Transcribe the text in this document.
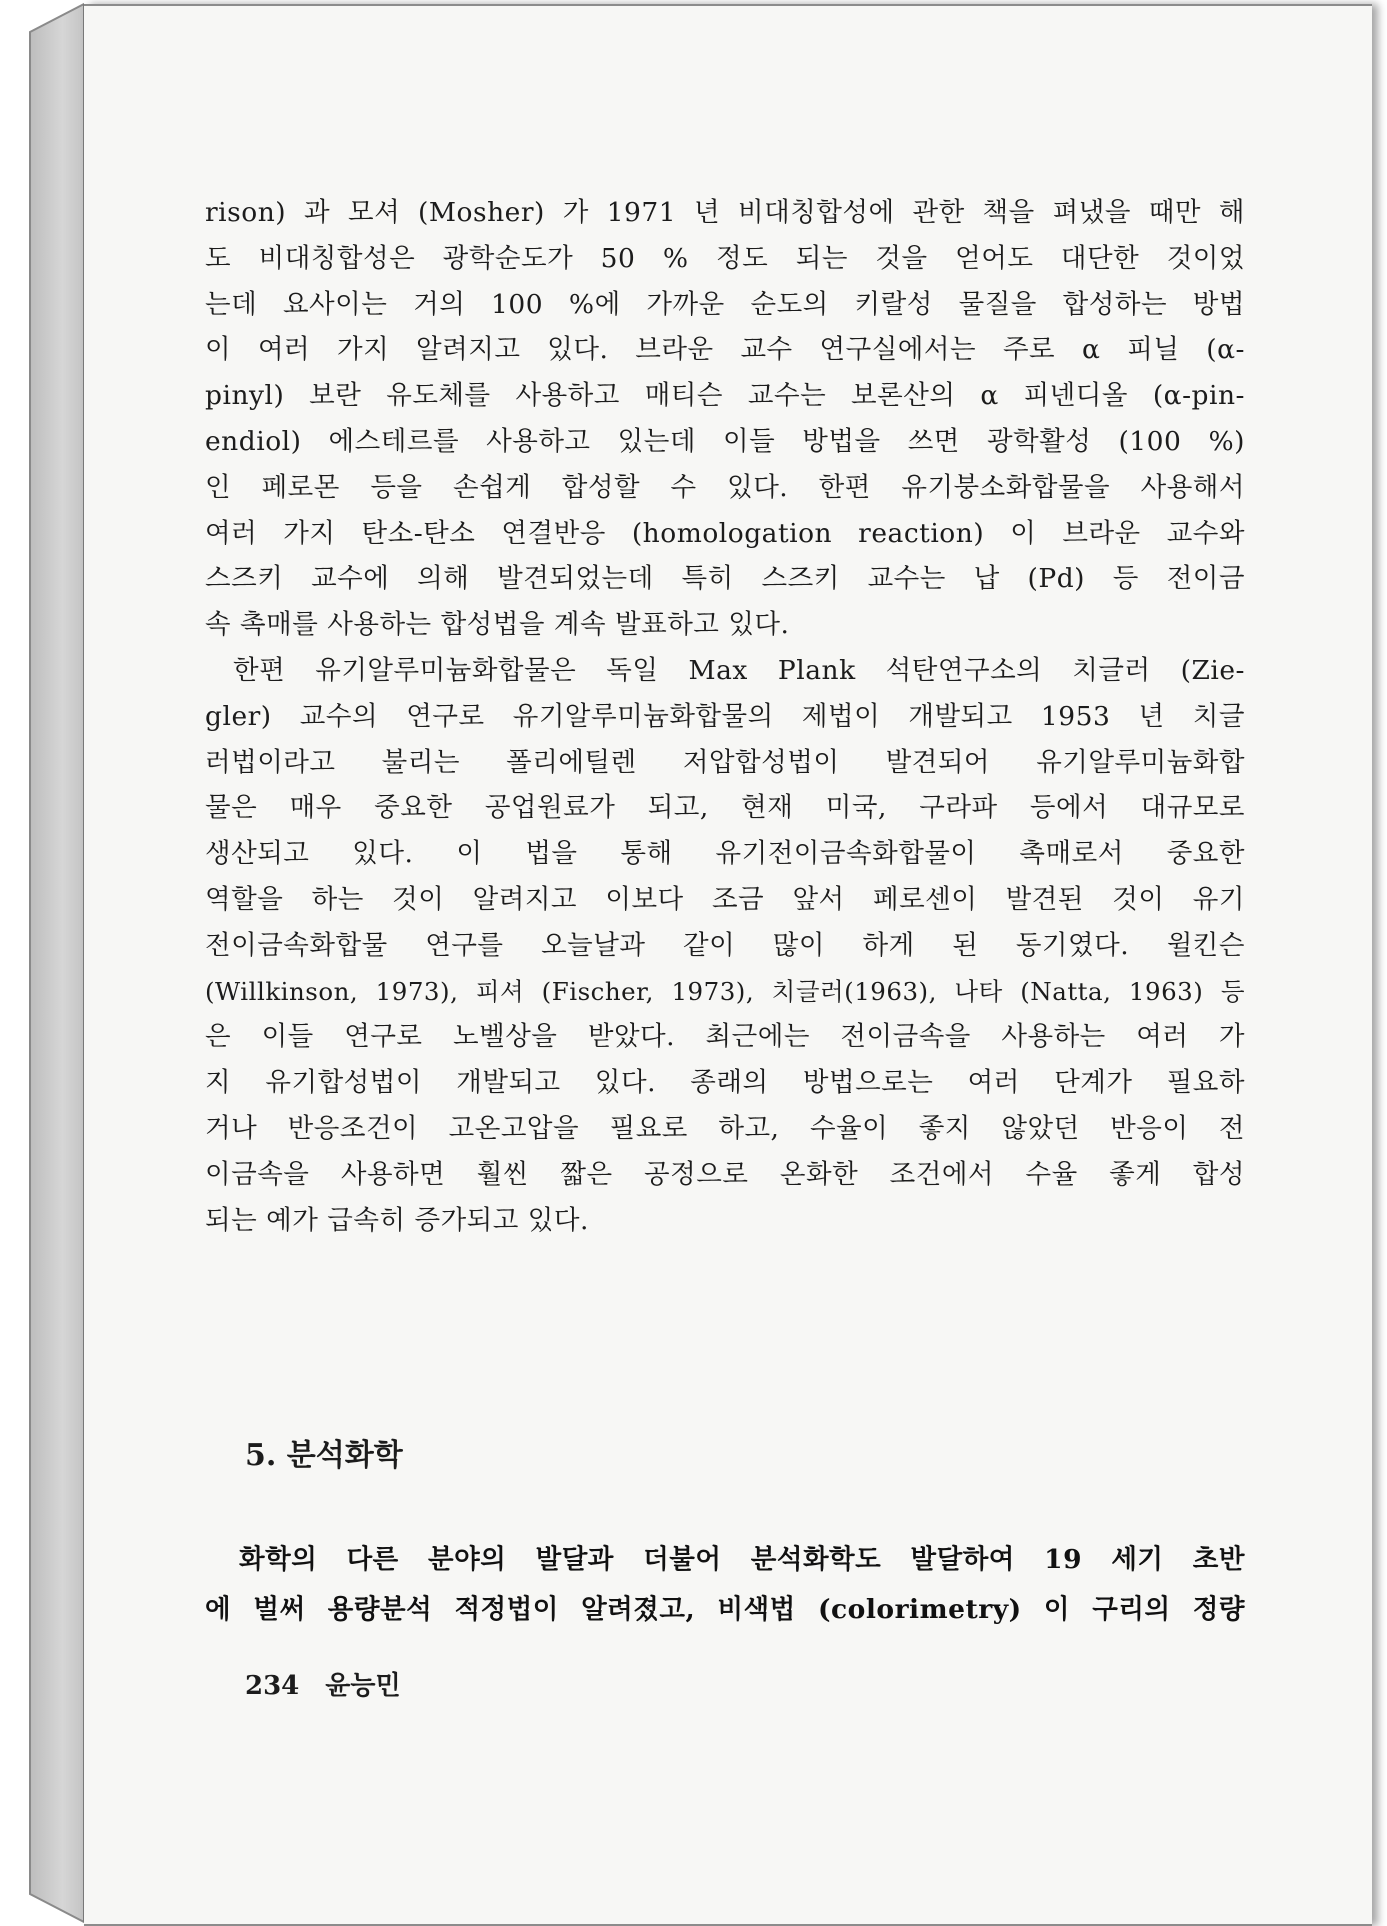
rison) 과 모셔 (Mosher) 가 1971 년 비대칭합성에 관한 책을 펴냈을 때만 해
도 비대칭합성은 광학순도가 50 % 정도 되는 것을 얻어도 대단한 것이었
는데 요사이는 거의 100 %에 가까운 순도의 키랄성 물질을 합성하는 방법
이 여러 가지 알려지고 있다. 브라운 교수 연구실에서는 주로 α 피닐 (α-
pinyl) 보란 유도체를 사용하고 매티슨 교수는 보론산의 α 피넨디올 (α-pin-
endiol) 에스테르를 사용하고 있는데 이들 방법을 쓰면 광학활성 (100 %)
인 페로몬 등을 손쉽게 합성할 수 있다. 한편 유기붕소화합물을 사용해서
여러 가지 탄소-탄소 연결반응 (homologation reaction) 이 브라운 교수와
스즈키 교수에 의해 발견되었는데 특히 스즈키 교수는 납 (Pd) 등 전이금
속 촉매를 사용하는 합성법을 계속 발표하고 있다.
한편 유기알루미늄화합물은 독일 Max Plank 석탄연구소의 치글러 (Zie-
gler) 교수의 연구로 유기알루미늄화합물의 제법이 개발되고 1953 년 치글
러법이라고 불리는 폴리에틸렌 저압합성법이 발견되어 유기알루미늄화합
물은 매우 중요한 공업원료가 되고, 현재 미국, 구라파 등에서 대규모로
생산되고 있다. 이 법을 통해 유기전이금속화합물이 촉매로서 중요한
역할을 하는 것이 알려지고 이보다 조금 앞서 페로센이 발견된 것이 유기
전이금속화합물 연구를 오늘날과 같이 많이 하게 된 동기였다. 윌킨슨
(Willkinson, 1973), 피셔 (Fischer, 1973), 치글러(1963), 나타 (Natta, 1963) 등
은 이들 연구로 노벨상을 받았다. 최근에는 전이금속을 사용하는 여러 가
지 유기합성법이 개발되고 있다. 종래의 방법으로는 여러 단계가 필요하
거나 반응조건이 고온고압을 필요로 하고, 수율이 좋지 않았던 반응이 전
이금속을 사용하면 훨씬 짧은 공정으로 온화한 조건에서 수율 좋게 합성
되는 예가 급속히 증가되고 있다.
5. 분석화학
화학의 다른 분야의 발달과 더불어 분석화학도 발달하여 19 세기 초반
에 벌써 용량분석 적정법이 알려졌고, 비색법 (colorimetry) 이 구리의 정량
234 윤능민
